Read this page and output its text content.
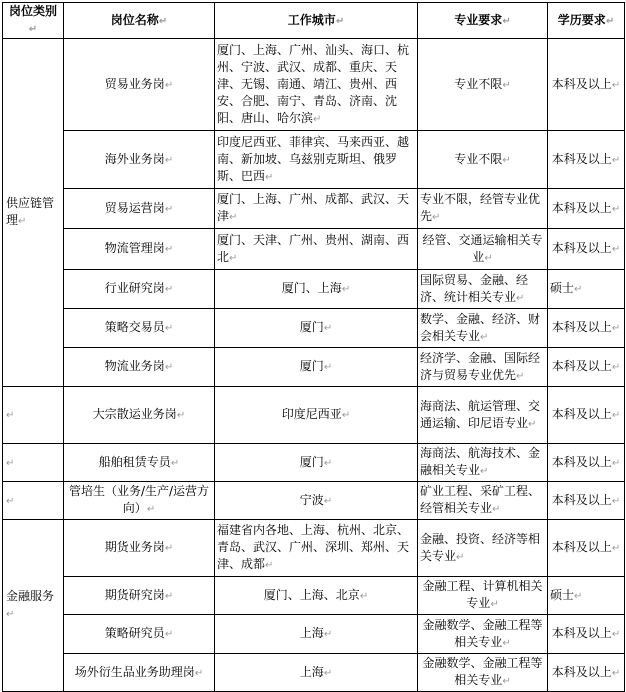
岗位类别↵	岗位名称↵	工作城市↵	专业要求↵	学历要求↵
供应链管理↵	贸易业务岗↵	厦门、上海、广州、汕头、海口、杭州、宁波、武汉、成都、重庆、天津、无锡、南通、靖江、贵州、西安、合肥、南宁、青岛、济南、沈阳、唐山、哈尔滨↵	专业不限↵	本科及以上↵
	海外业务岗↵	印度尼西亚、菲律宾、马来西亚、越南、新加坡、乌兹别克斯坦、俄罗斯、巴西↵	专业不限↵	本科及以上↵
	贸易运营岗↵	厦门、上海、广州、成都、武汉、天津↵	专业不限，经管专业优先↵	本科及以上↵
	物流管理岗↵	厦门、天津、广州、贵州、湖南、西北↵	经管、交通运输相关专业↵	本科及以上↵
	行业研究岗↵	厦门、上海↵	国际贸易、金融、经济、统计相关专业↵	硕士↵
	策略交易员↵	厦门↵	数学、金融、经济、财会相关专业↵	本科及以上↵
	物流业务岗↵	厦门↵	经济学、金融、国际经济与贸易专业优先↵	本科及以上↵
↵	大宗散运业务岗↵	印度尼西亚↵	海商法、航运管理、交通运输、印尼语专业↵	本科及以上↵
↵	船舶租赁专员↵	厦门↵	海商法、航海技术、金融相关专业↵	本科及以上↵
↵	管培生（业务/生产/运营方向）↵	宁波↵	矿业工程、采矿工程、经管相关专业↵	本科及以上↵
金融服务↵	期货业务岗↵	福建省内各地、上海、杭州、北京、青岛、武汉、广州、深圳、郑州、天津、成都↵	金融、投资、经济等相关专业↵	本科及以上↵
	期货研究岗↵	厦门、上海、北京↵	金融工程、计算机相关专业↵	硕士↵
	策略研究员↵	上海↵	金融数学、金融工程等相关专业↵	本科及以上↵
	场外衍生品业务助理岗↵	上海↵	金融数学、金融工程等相关专业↵	本科及以上↵
